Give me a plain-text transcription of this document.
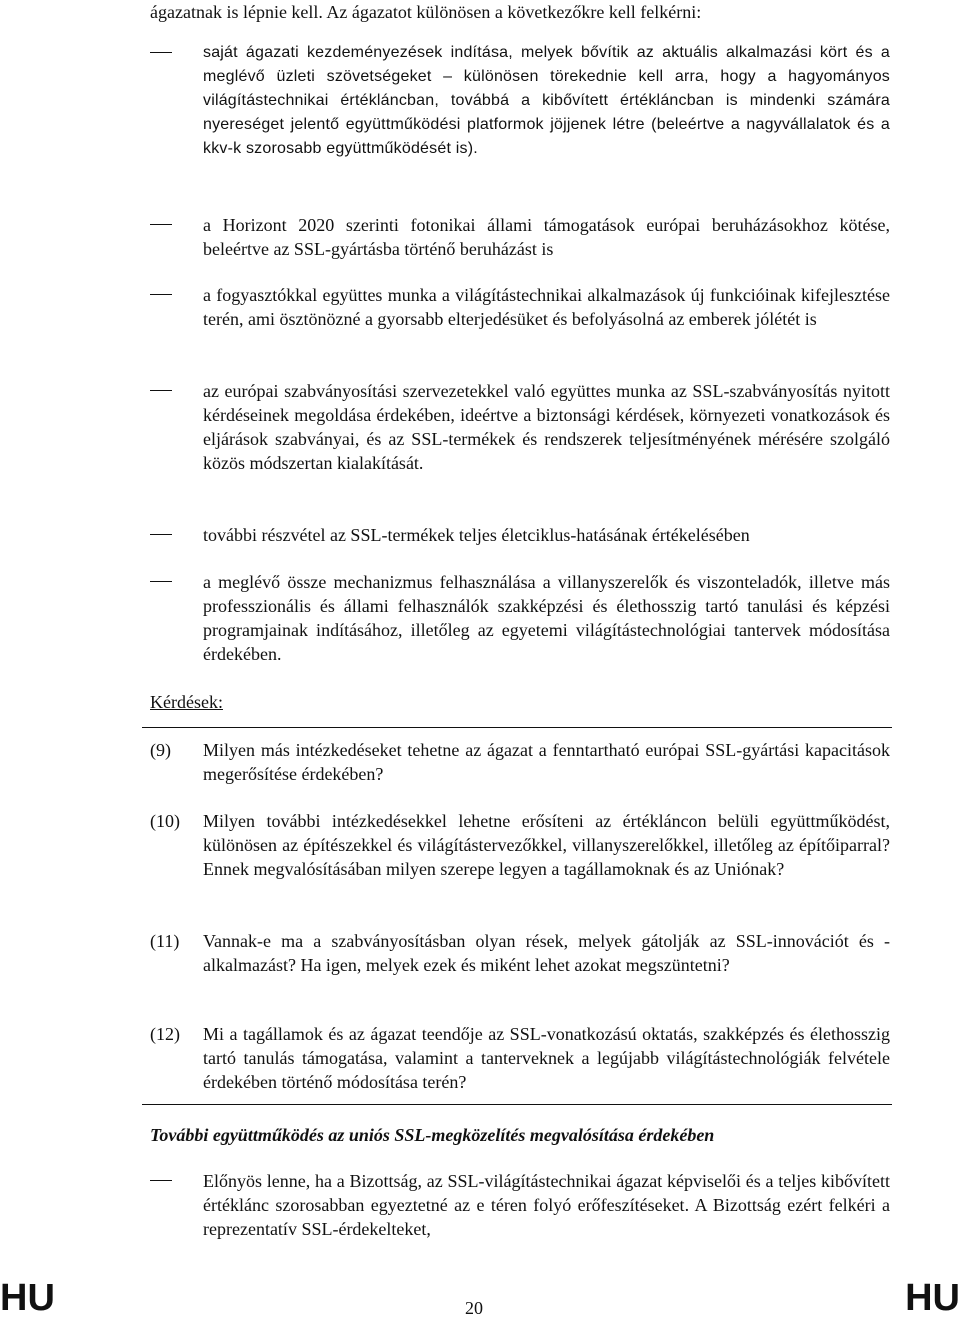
ágazatnak is lépnie kell. Az ágazatot különösen a következőkre kell felkérni:

saját ágazati kezdeményezések indítása, melyek bővítik az aktuális alkalmazási kört és a meglévő üzleti szövetségeket – különösen törekednie kell arra, hogy a hagyományos világítástechnikai értékláncban, továbbá a kibővített értékláncban is mindenki számára nyereséget jelentő együttműködési platformok jöjjenek létre (beleértve a nagyvállalatok és a kkv-k szorosabb együttműködését is).

a Horizont 2020 szerinti fotonikai állami támogatások európai beruházásokhoz kötése, beleértve az SSL-gyártásba történő beruházást is

a fogyasztókkal együttes munka a világítástechnikai alkalmazások új funkcióinak kifejlesztése terén, ami ösztönözné a gyorsabb elterjedésüket és befolyásolná az emberek jólétét is

az európai szabványosítási szervezetekkel való együttes munka az SSL-szabványosítás nyitott kérdéseinek megoldása érdekében, ideértve a biztonsági kérdések, környezeti vonatkozások és eljárások szabványai, és az SSL-termékek és rendszerek teljesítményének mérésére szolgáló közös módszertan kialakítását.

további részvétel az SSL-termékek teljes életciklus-hatásának értékelésében

a meglévő össze mechanizmus felhasználása a villanyszerelők és viszonteladók, illetve más professzionális és állami felhasználók szakképzési és élethosszig tartó tanulási és képzési programjainak indításához, illetőleg az egyetemi világítástechnológiai tantervek módosítása érdekében.

Kérdések:

(9) Milyen más intézkedéseket tehetne az ágazat a fenntartható európai SSL-gyártási kapacitások megerősítése érdekében?

(10) Milyen további intézkedésekkel lehetne erősíteni az értékláncon belüli együttműködést, különösen az építészekkel és világítástervezőkkel, villanyszerelőkkel, illetőleg az építőiparral? Ennek megvalósításában milyen szerepe legyen a tagállamoknak és az Uniónak?

(11) Vannak-e ma a szabványosításban olyan rések, melyek gátolják az SSL-innovációt és -alkalmazást? Ha igen, melyek ezek és miként lehet azokat megszüntetni?

(12) Mi a tagállamok és az ágazat teendője az SSL-vonatkozású oktatás, szakképzés és élethosszig tartó tanulás támogatása, valamint a tanterveknek a legújabb világítástechnológiák felvétele érdekében történő módosítása terén?

További együttműködés az uniós SSL-megközelítés megvalósítása érdekében

Előnyös lenne, ha a Bizottság, az SSL-világítástechnikai ágazat képviselői és a teljes kibővített értéklánc szorosabban egyeztetné az e téren folyó erőfeszítéseket. A Bizottság ezért felkéri a reprezentatív SSL-érdekelteket,

HU	20	HU
